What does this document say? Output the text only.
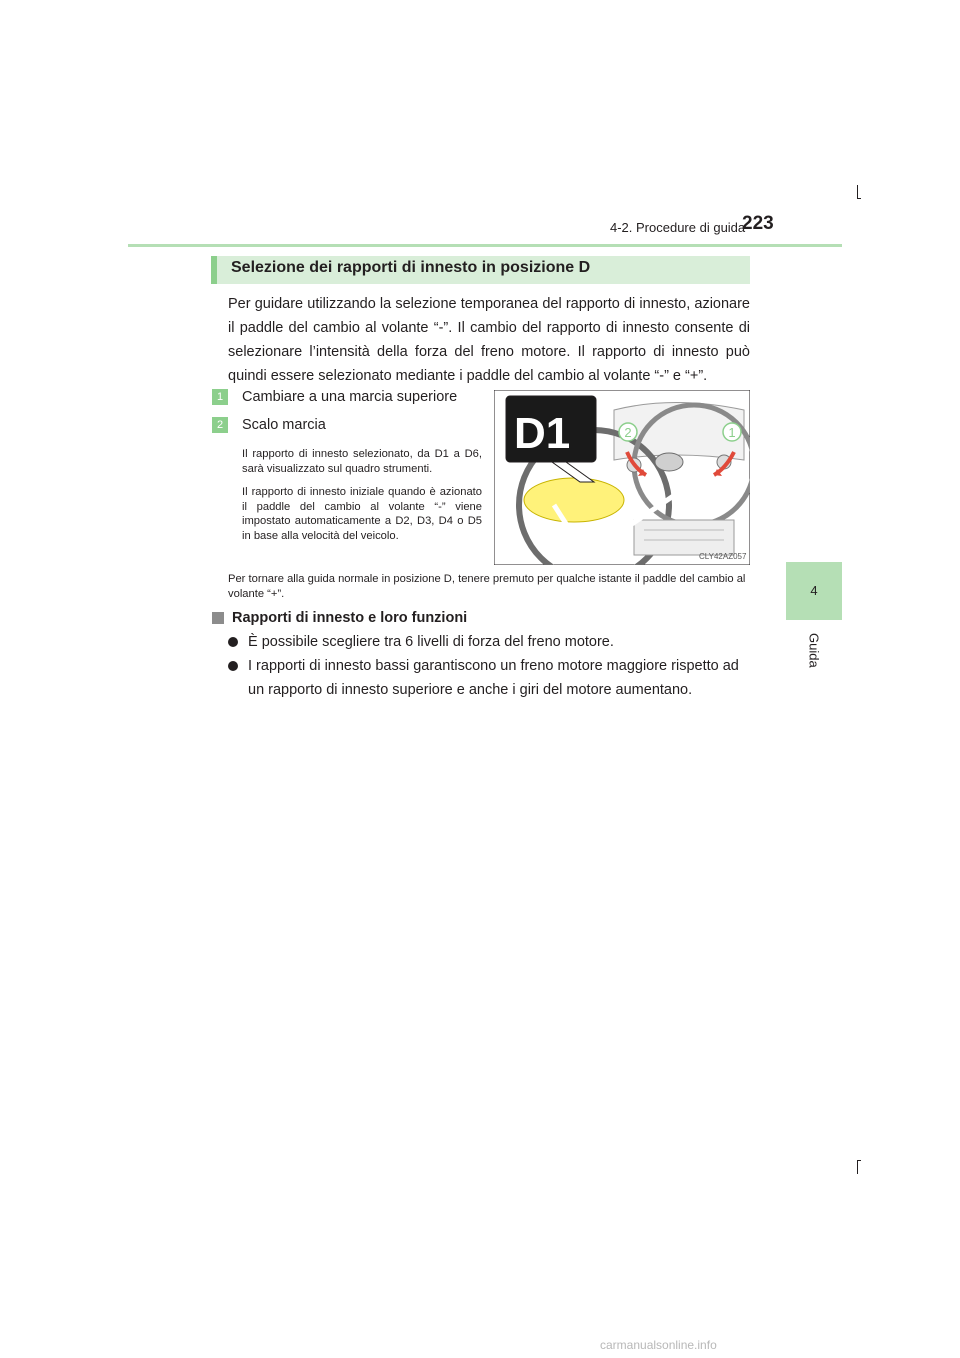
4-2. Procedure di guida
223
4
Guida
Selezione dei rapporti di innesto in posizione D

Per guidare utilizzando la selezione temporanea del rapporto di innesto, azionare il paddle del cambio al volante “-”. Il cambio del rapporto di innesto consente di selezionare l’intensità della forza del freno motore. Il rapporto di innesto può quindi essere selezionato mediante i paddle del cambio al volante “-” e “+”.

1	Cambiare a una marcia superiore
2	Scalo marcia

Il rapporto di innesto selezionato, da D1 a D6, sarà visualizzato sul quadro strumenti.

Il rapporto di innesto iniziale quando è azionato il paddle del cambio al volante “-” viene impostato automaticamente a D2, D3, D4 o D5 in base alla velocità del veicolo.

Per tornare alla guida normale in posizione D, tenere premuto per qualche istante il paddle del cambio al volante “+”.

2	1
D1
CLY42AZ057
Rapporti di innesto e loro funzioni

È possibile scegliere tra 6 livelli di forza del freno motore.

I rapporti di innesto bassi garantiscono un freno motore maggiore rispetto ad un rapporto di innesto superiore e anche i giri del motore aumentano.

carmanualsonline.info
